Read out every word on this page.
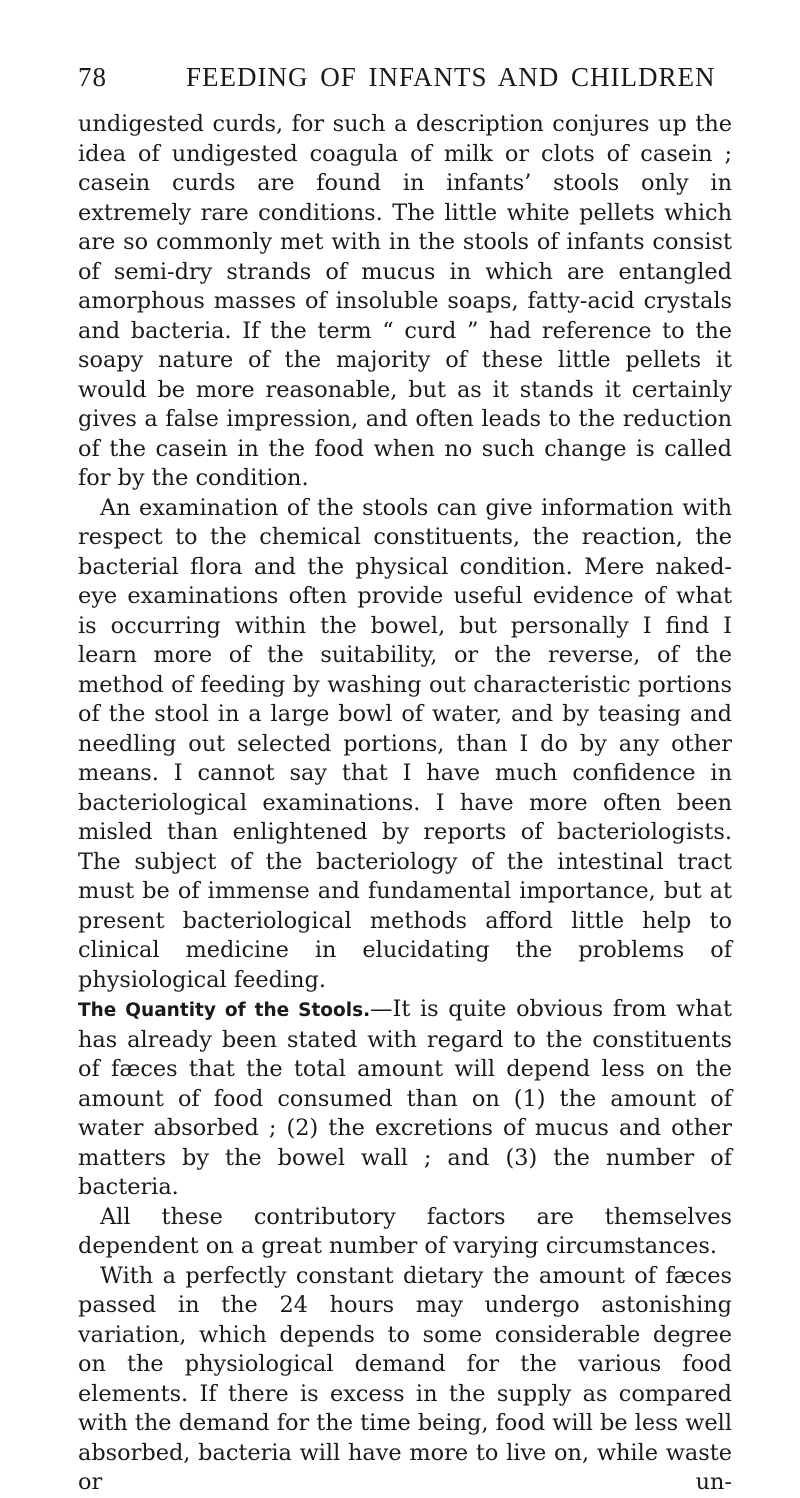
78	FEEDING OF INFANTS AND CHILDREN

undigested curds, for such a description conjures up the idea of undigested coagula of milk or clots of casein ; casein curds are found in infants’ stools only in extremely rare conditions. The little white pellets which are so commonly met with in the stools of infants consist of semi-dry strands of mucus in which are entangled amorphous masses of insoluble soaps, fatty-acid crystals and bacteria. If the term “ curd ” had reference to the soapy nature of the majority of these little pellets it would be more reasonable, but as it stands it certainly gives a false impression, and often leads to the reduction of the casein in the food when no such change is called for by the condition.

An examination of the stools can give information with respect to the chemical constituents, the reaction, the bacterial flora and the physical condition. Mere naked-eye examinations often provide useful evidence of what is occurring within the bowel, but personally I find I learn more of the suitability, or the reverse, of the method of feeding by washing out characteristic portions of the stool in a large bowl of water, and by teasing and needling out selected portions, than I do by any other means. I cannot say that I have much confidence in bacteriological examinations. I have more often been misled than enlightened by reports of bacteriologists. The subject of the bacteriology of the intestinal tract must be of immense and fundamental importance, but at present bacteriological methods afford little help to clinical medicine in elucidating the problems of physiological feeding.

The Quantity of the Stools.—It is quite obvious from what has already been stated with regard to the constituents of fæces that the total amount will depend less on the amount of food consumed than on (1) the amount of water absorbed ; (2) the excretions of mucus and other matters by the bowel wall ; and (3) the number of bacteria.

All these contributory factors are themselves dependent on a great number of varying circumstances.

With a perfectly constant dietary the amount of fæces passed in the 24 hours may undergo astonishing variation, which depends to some considerable degree on the physiological demand for the various food elements. If there is excess in the supply as compared with the demand for the time being, food will be less well absorbed, bacteria will have more to live on, while waste or un-
